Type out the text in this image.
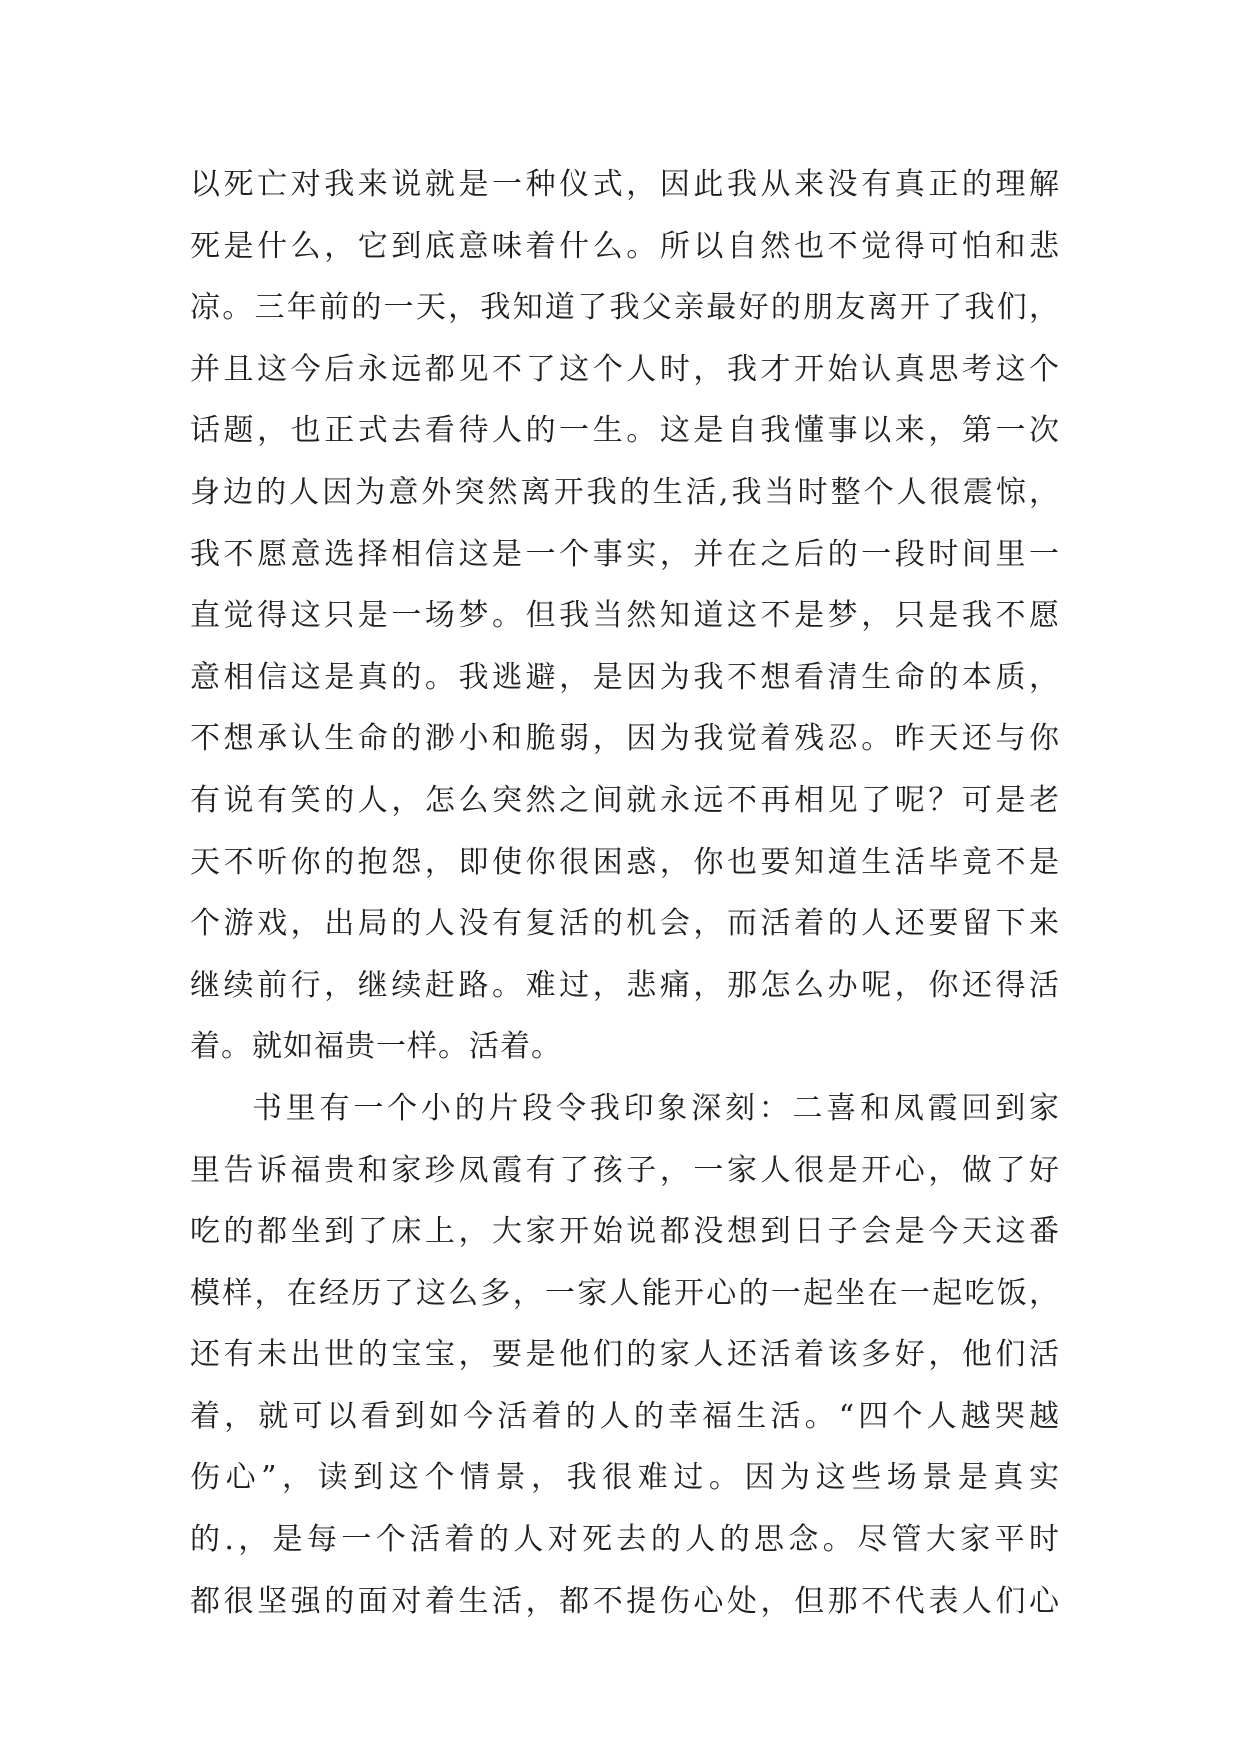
以死亡对我来说就是一种仪式，因此我从来没有真正的理解
死是什么，它到底意味着什么。所以自然也不觉得可怕和悲
凉。三年前的一天，我知道了我父亲最好的朋友离开了我们，
并且这今后永远都见不了这个人时，我才开始认真思考这个
话题，也正式去看待人的一生。这是自我懂事以来，第一次
身边的人因为意外突然离开我的生活,我当时整个人很震惊，
我不愿意选择相信这是一个事实，并在之后的一段时间里一
直觉得这只是一场梦。但我当然知道这不是梦，只是我不愿
意相信这是真的。我逃避，是因为我不想看清生命的本质，
不想承认生命的渺小和脆弱，因为我觉着残忍。昨天还与你
有说有笑的人，怎么突然之间就永远不再相见了呢？可是老
天不听你的抱怨，即使你很困惑，你也要知道生活毕竟不是
个游戏，出局的人没有复活的机会，而活着的人还要留下来
继续前行，继续赶路。难过，悲痛，那怎么办呢，你还得活
着。就如福贵一样。活着。
书里有一个小的片段令我印象深刻：二喜和凤霞回到家
里告诉福贵和家珍凤霞有了孩子，一家人很是开心，做了好
吃的都坐到了床上，大家开始说都没想到日子会是今天这番
模样，在经历了这么多，一家人能开心的一起坐在一起吃饭，
还有未出世的宝宝，要是他们的家人还活着该多好，他们活
着，就可以看到如今活着的人的幸福生活。“四个人越哭越
伤心”，读到这个情景，我很难过。因为这些场景是真实
的.，是每一个活着的人对死去的人的思念。尽管大家平时
都很坚强的面对着生活，都不提伤心处，但那不代表人们心
